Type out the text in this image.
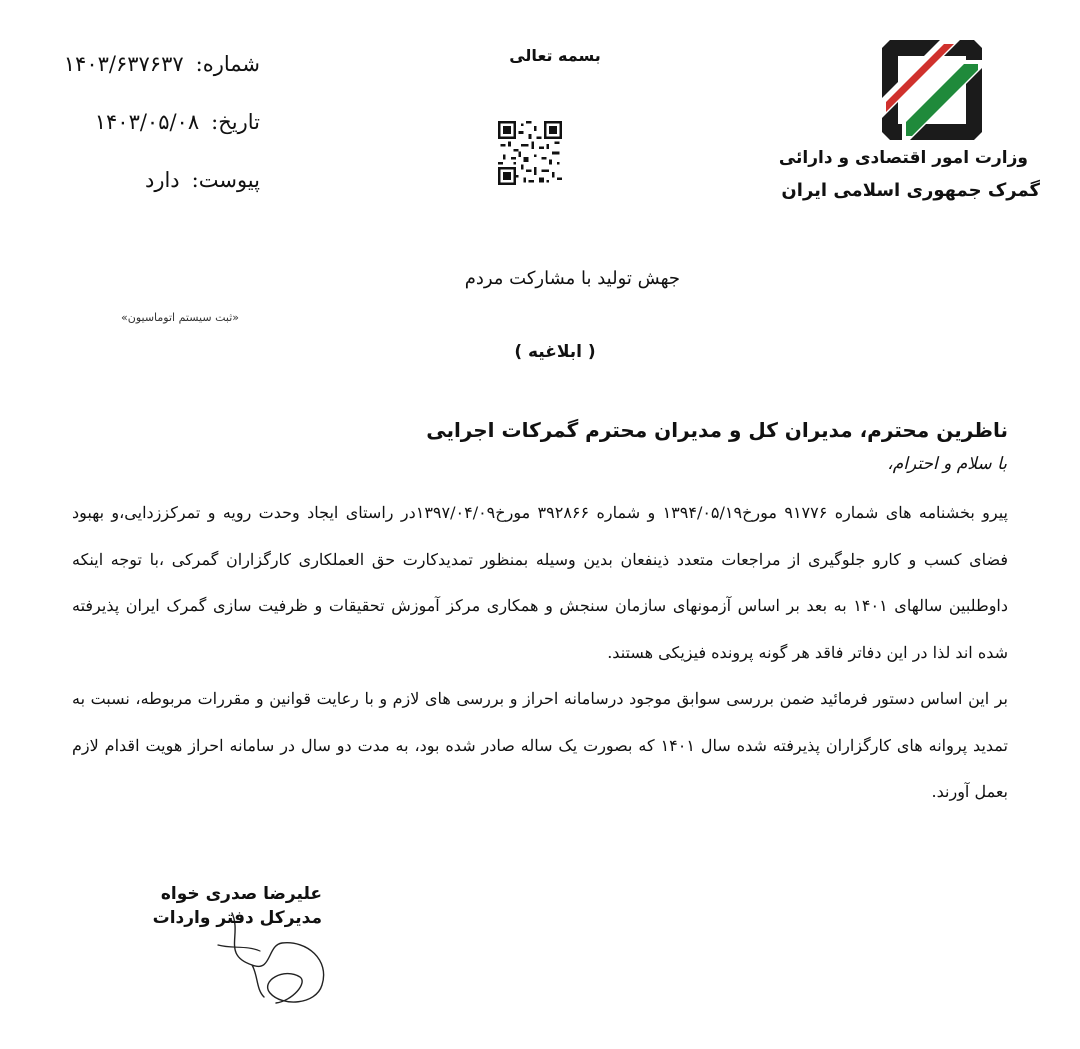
وزارت امور اقتصادی و دارائی
گمرک جمهوری اسلامی ایران
بسمه تعالی
شماره:۱۴۰۳/۶۳۷۶۳۷
تاریخ:۱۴۰۳/۰۵/۰۸
پیوست:دارد
جهش تولید با مشارکت مردم
«ثبت سیستم اتوماسیون»
( ابلاغیه )
ناظرین محترم، مدیران کل و مدیران محترم گمرکات اجرایی
با سلام و احترام،

پیرو بخشنامه های شماره ۹۱۷۷۶ مورخ۱۳۹۴/۰۵/۱۹ و شماره ۳۹۲۸۶۶ مورخ۱۳۹۷/۰۴/۰۹در راستای ایجاد وحدت رویه و تمرکززدایی،و بهبود فضای کسب و کارو جلوگیری از مراجعات متعدد ذینفعان بدین وسیله بمنظور تمدیدکارت حق العملکاری کارگزاران گمرکی ،با توجه اینکه داوطلبین سالهای ۱۴۰۱ به بعد بر اساس آزمونهای سازمان سنجش و همکاری مرکز آموزش تحقیقات و ظرفیت سازی گمرک ایران پذیرفته شده اند لذا در این دفاتر فاقد هر گونه پرونده فیزیکی هستند.

بر این اساس دستور فرمائید ضمن بررسی سوابق موجود درسامانه احراز و بررسی های لازم و با رعایت قوانین و مقررات مربوطه، نسبت به تمدید پروانه های کارگزاران پذیرفته شده سال ۱۴۰۱ که بصورت یک ساله صادر شده بود، به مدت دو سال در سامانه احراز هویت اقدام لازم بعمل آورند.

علیرضا صدری خواه
مدیرکل دفتر واردات
